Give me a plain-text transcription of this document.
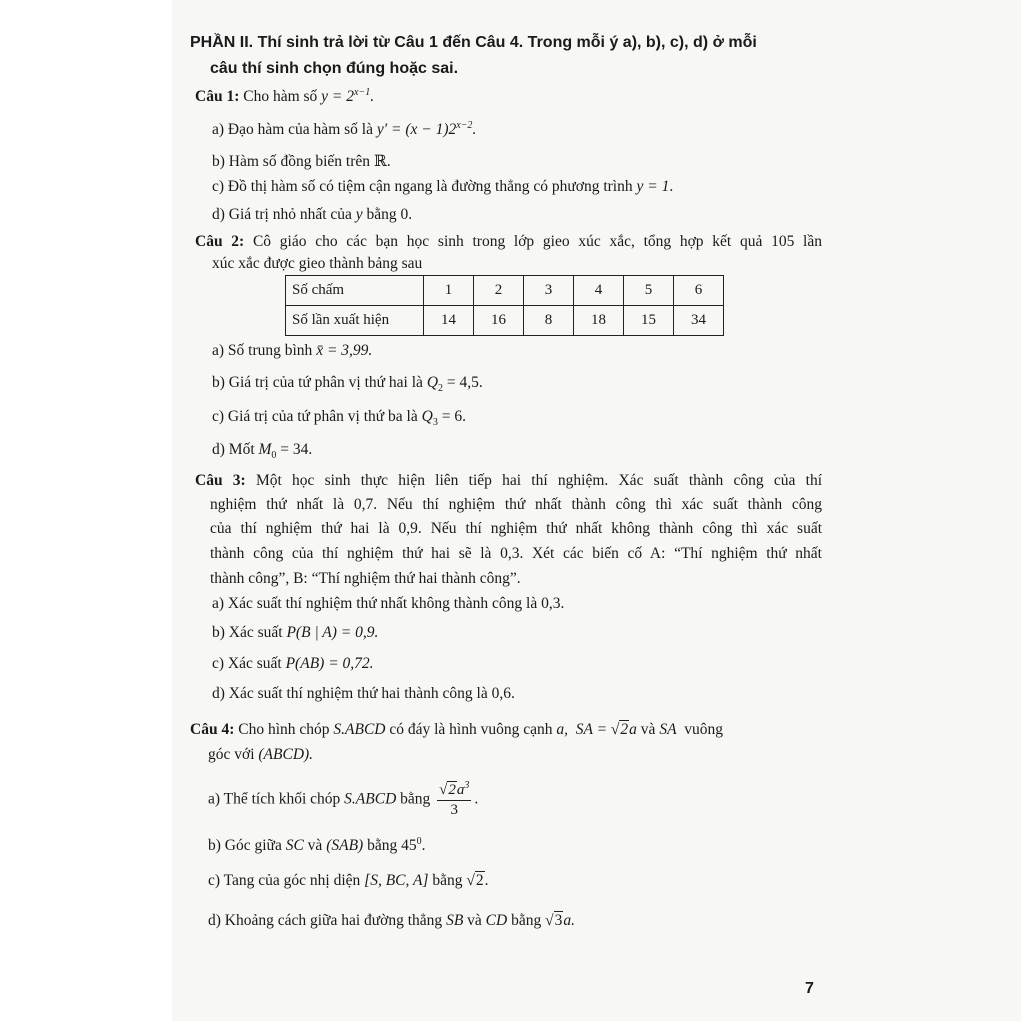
PHẦN II. Thí sinh trả lời từ Câu 1 đến Câu 4. Trong mỗi ý a), b), c), d) ở mỗi
câu thí sinh chọn đúng hoặc sai.
Câu 1: Cho hàm số $y = 2^{x-1}$.
a) Đạo hàm của hàm số là $y' = (x - 1)2^{x-2}$.
b) Hàm số đồng biến trên ℝ.
c) Đồ thị hàm số có tiệm cận ngang là đường thẳng có phương trình y = 1.
d) Giá trị nhỏ nhất của y bằng 0.
Câu 2: Cô giáo cho các bạn học sinh trong lớp gieo xúc xắc, tổng hợp kết quả 105 lần
xúc xắc được gieo thành bảng sau
Số chấm	1	2	3	4	5	6
Số lần xuất hiện	14	16	8	18	15	34
a) Số trung bình x̄ = 3,99.
b) Giá trị của tứ phân vị thứ hai là $Q_2 = 4,5$.
c) Giá trị của tứ phân vị thứ ba là $Q_3 = 6$.
d) Mốt $M_0 = 34$.
Câu 3: Một học sinh thực hiện liên tiếp hai thí nghiệm. Xác suất thành công của thí
nghiệm thứ nhất là 0,7. Nếu thí nghiệm thứ nhất thành công thì xác suất thành công
của thí nghiệm thứ hai là 0,9. Nếu thí nghiệm thứ nhất không thành công thì xác suất
thành công của thí nghiệm thứ hai sẽ là 0,3. Xét các biến cố A: “Thí nghiệm thứ nhất
thành công”, B: “Thí nghiệm thứ hai thành công”.
a) Xác suất thí nghiệm thứ nhất không thành công là 0,3.
b) Xác suất P(B | A) = 0,9.
c) Xác suất P(AB) = 0,72.
d) Xác suất thí nghiệm thứ hai thành công là 0,6.
Câu 4: Cho hình chóp S.ABCD có đáy là hình vuông cạnh a, SA = √2a và SA vuông
góc với (ABCD).
a) Thể tích khối chóp S.ABCD bằng $\frac{√2a^3}{3}$ .
b) Góc giữa SC và (SAB) bằng $45^0$.
c) Tang của góc nhị diện [S, BC, A] bằng √2.
d) Khoảng cách giữa hai đường thẳng SB và CD bằng √3a.
7
